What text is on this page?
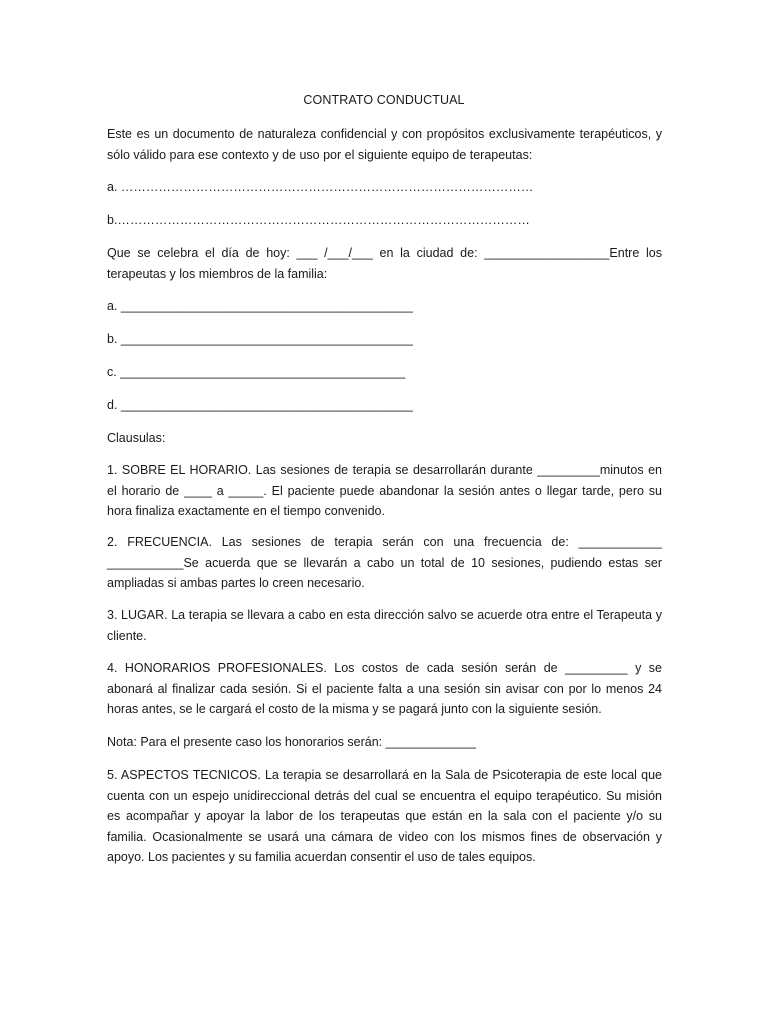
CONTRATO CONDUCTUAL

Este es un documento de naturaleza confidencial y con propósitos exclusivamente terapéuticos, y sólo válido para ese contexto y de uso por el siguiente equipo de terapeutas:

a. ………………………………………………………………………………………

b.………………………………………………………………………………………

Que se celebra el día de hoy: ___ /___/___ en la ciudad de: __________________Entre los terapeutas y los miembros de la familia:

a. __________________________________________

b. __________________________________________

c. _________________________________________

d. __________________________________________

Clausulas:

1. SOBRE EL HORARIO. Las sesiones de terapia se desarrollarán durante _________minutos en el horario de ____ a _____. El paciente puede abandonar la sesión antes o llegar tarde, pero su hora finaliza exactamente en el tiempo convenido.

2. FRECUENCIA. Las sesiones de terapia serán con una frecuencia de: ____________ ___________Se acuerda que se llevarán a cabo un total de 10 sesiones, pudiendo estas ser ampliadas si ambas partes lo creen necesario.

3. LUGAR. La terapia se llevara a cabo en esta dirección salvo se acuerde otra entre el Terapeuta y cliente.

4. HONORARIOS PROFESIONALES. Los costos de cada sesión serán de _________ y se abonará al finalizar cada sesión. Si el paciente falta a una sesión sin avisar con por lo menos 24 horas antes, se le cargará el costo de la misma y se pagará junto con la siguiente sesión.

Nota: Para el presente caso los honorarios serán: _____________

5. ASPECTOS TECNICOS. La terapia se desarrollará en la Sala de Psicoterapia de este local que cuenta con un espejo unidireccional detrás del cual se encuentra el equipo terapéutico. Su misión es acompañar y apoyar la labor de los terapeutas que están en la sala con el paciente y/o su familia. Ocasionalmente se usará una cámara de video con los mismos fines de observación y apoyo. Los pacientes y su familia acuerdan consentir el uso de tales equipos.
